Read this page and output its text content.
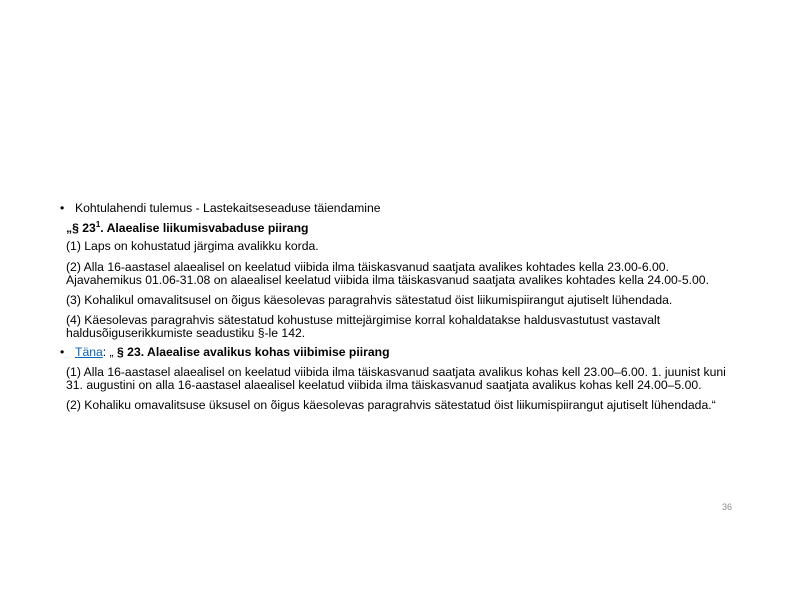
• Kohtulahendi tulemus - Lastekaitseseaduse täiendamine
„§ $23^1$. Alaealise liikumisvabaduse piirang
(1) Laps on kohustatud järgima avalikku korda.
(2) Alla 16-aastasel alaealisel on keelatud viibida ilma täiskasvanud saatjata avalikes kohtades kella 23.00-6.00. Ajavahemikus 01.06-31.08 on alaealisel keelatud viibida ilma täiskasvanud saatjata avalikes kohtades kella 24.00-5.00.
(3) Kohalikul omavalitsusel on õigus käesolevas paragrahvis sätestatud öist liikumispiirangut ajutiselt lühendada.
(4) Käesolevas paragrahvis sätestatud kohustuse mittejärgimise korral kohaldatakse haldusvastutust vastavalt haldusõiguserikkumiste seadustiku §-le 142.
• Täna: „ § 23. Alaealise avalikus kohas viibimise piirang
(1) Alla 16-aastasel alaealisel on keelatud viibida ilma täiskasvanud saatjata avalikus kohas kell 23.00–6.00. 1. juunist kuni 31. augustini on alla 16-aastasel alaealisel keelatud viibida ilma täiskasvanud saatjata avalikus kohas kell 24.00–5.00.
(2) Kohaliku omavalitsuse üksusel on õigus käesolevas paragrahvis sätestatud öist liikumispiirangut ajutiselt lühendada.“
36
